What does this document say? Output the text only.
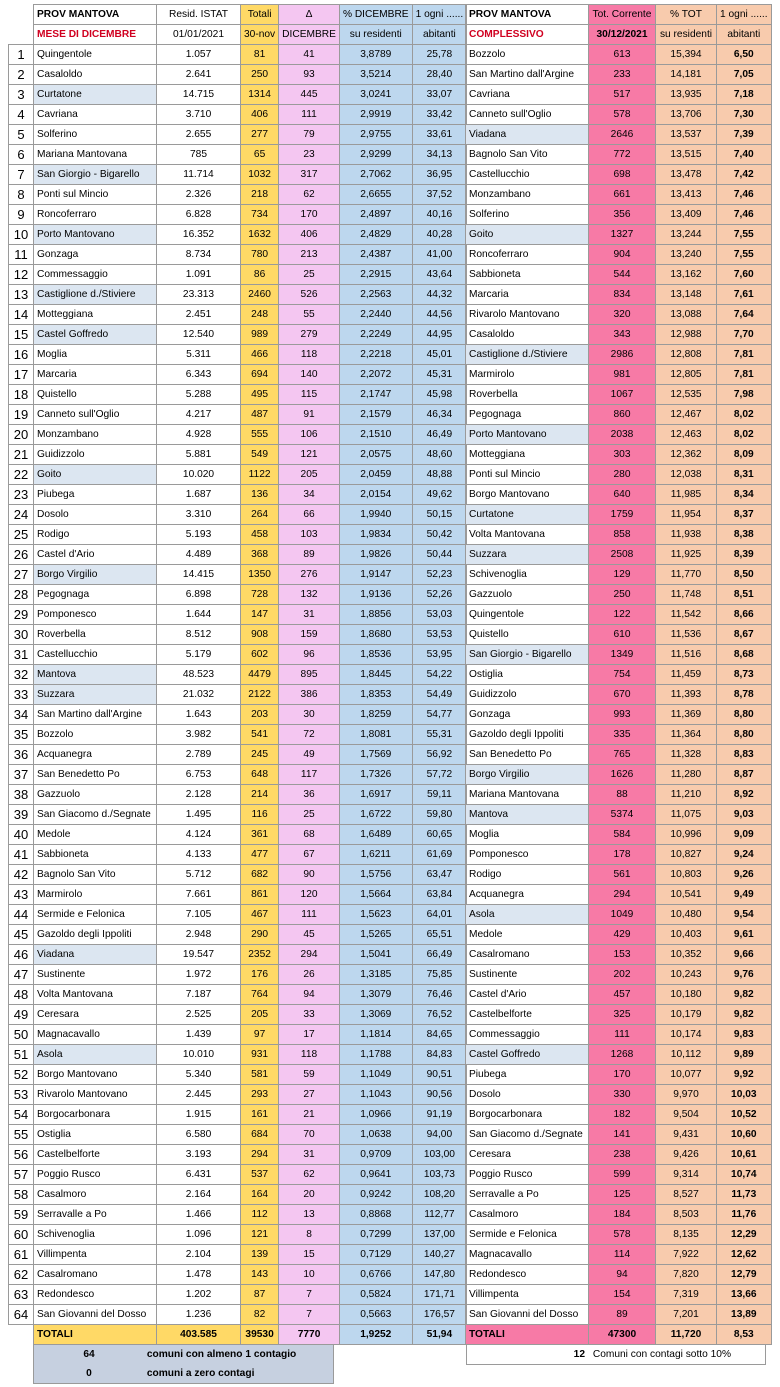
	PROV MANTOVA	Resid. ISTAT	Totali	Δ	% DICEMBRE	1 ogni ......
	MESE DI DICEMBRE	01/01/2021	30-nov	DICEMBRE	su residenti	abitanti
1	Quingentole	1.057	81	41	3,8789	25,78
2	Casaloldo	2.641	250	93	3,5214	28,40
3	Curtatone	14.715	1314	445	3,0241	33,07
4	Cavriana	3.710	406	111	2,9919	33,42
5	Solferino	2.655	277	79	2,9755	33,61
6	Mariana Mantovana	785	65	23	2,9299	34,13
7	San Giorgio - Bigarello	11.714	1032	317	2,7062	36,95
8	Ponti sul Mincio	2.326	218	62	2,6655	37,52
9	Roncoferraro	6.828	734	170	2,4897	40,16
10	Porto Mantovano	16.352	1632	406	2,4829	40,28
11	Gonzaga	8.734	780	213	2,4387	41,00
12	Commessaggio	1.091	86	25	2,2915	43,64
13	Castiglione d./Stiviere	23.313	2460	526	2,2563	44,32
14	Motteggiana	2.451	248	55	2,2440	44,56
15	Castel Goffredo	12.540	989	279	2,2249	44,95
16	Moglia	5.311	466	118	2,2218	45,01
17	Marcaria	6.343	694	140	2,2072	45,31
18	Quistello	5.288	495	115	2,1747	45,98
19	Canneto sull'Oglio	4.217	487	91	2,1579	46,34
20	Monzambano	4.928	555	106	2,1510	46,49
21	Guidizzolo	5.881	549	121	2,0575	48,60
22	Goito	10.020	1122	205	2,0459	48,88
23	Piubega	1.687	136	34	2,0154	49,62
24	Dosolo	3.310	264	66	1,9940	50,15
25	Rodigo	5.193	458	103	1,9834	50,42
26	Castel d'Ario	4.489	368	89	1,9826	50,44
27	Borgo Virgilio	14.415	1350	276	1,9147	52,23
28	Pegognaga	6.898	728	132	1,9136	52,26
29	Pomponesco	1.644	147	31	1,8856	53,03
30	Roverbella	8.512	908	159	1,8680	53,53
31	Castellucchio	5.179	602	96	1,8536	53,95
32	Mantova	48.523	4479	895	1,8445	54,22
33	Suzzara	21.032	2122	386	1,8353	54,49
34	San Martino dall'Argine	1.643	203	30	1,8259	54,77
35	Bozzolo	3.982	541	72	1,8081	55,31
36	Acquanegra	2.789	245	49	1,7569	56,92
37	San Benedetto Po	6.753	648	117	1,7326	57,72
38	Gazzuolo	2.128	214	36	1,6917	59,11
39	San Giacomo d./Segnate	1.495	116	25	1,6722	59,80
40	Medole	4.124	361	68	1,6489	60,65
41	Sabbioneta	4.133	477	67	1,6211	61,69
42	Bagnolo San Vito	5.712	682	90	1,5756	63,47
43	Marmirolo	7.661	861	120	1,5664	63,84
44	Sermide e Felonica	7.105	467	111	1,5623	64,01
45	Gazoldo degli Ippoliti	2.948	290	45	1,5265	65,51
46	Viadana	19.547	2352	294	1,5041	66,49
47	Sustinente	1.972	176	26	1,3185	75,85
48	Volta Mantovana	7.187	764	94	1,3079	76,46
49	Ceresara	2.525	205	33	1,3069	76,52
50	Magnacavallo	1.439	97	17	1,1814	84,65
51	Asola	10.010	931	118	1,1788	84,83
52	Borgo Mantovano	5.340	581	59	1,1049	90,51
53	Rivarolo Mantovano	2.445	293	27	1,1043	90,56
54	Borgocarbonara	1.915	161	21	1,0966	91,19
55	Ostiglia	6.580	684	70	1,0638	94,00
56	Castelbelforte	3.193	294	31	0,9709	103,00
57	Poggio Rusco	6.431	537	62	0,9641	103,73
58	Casalmoro	2.164	164	20	0,9242	108,20
59	Serravalle a Po	1.466	112	13	0,8868	112,77
60	Schivenoglia	1.096	121	8	0,7299	137,00
61	Villimpenta	2.104	139	15	0,7129	140,27
62	Casalromano	1.478	143	10	0,6766	147,80
63	Redondesco	1.202	87	7	0,5824	171,71
64	San Giovanni del Dosso	1.236	82	7	0,5663	176,57
	TOTALI	403.585	39530	7770	1,9252	51,94
PROV MANTOVA	Tot. Corrente	% TOT	1 ogni ......
COMPLESSIVO	30/12/2021	su residenti	abitanti
Bozzolo	613	15,394	6,50
San Martino dall'Argine	233	14,181	7,05
Cavriana	517	13,935	7,18
Canneto sull'Oglio	578	13,706	7,30
Viadana	2646	13,537	7,39
Bagnolo San Vito	772	13,515	7,40
Castellucchio	698	13,478	7,42
Monzambano	661	13,413	7,46
Solferino	356	13,409	7,46
Goito	1327	13,244	7,55
Roncoferraro	904	13,240	7,55
Sabbioneta	544	13,162	7,60
Marcaria	834	13,148	7,61
Rivarolo Mantovano	320	13,088	7,64
Casaloldo	343	12,988	7,70
Castiglione d./Stiviere	2986	12,808	7,81
Marmirolo	981	12,805	7,81
Roverbella	1067	12,535	7,98
Pegognaga	860	12,467	8,02
Porto Mantovano	2038	12,463	8,02
Motteggiana	303	12,362	8,09
Ponti sul Mincio	280	12,038	8,31
Borgo Mantovano	640	11,985	8,34
Curtatone	1759	11,954	8,37
Volta Mantovana	858	11,938	8,38
Suzzara	2508	11,925	8,39
Schivenoglia	129	11,770	8,50
Gazzuolo	250	11,748	8,51
Quingentole	122	11,542	8,66
Quistello	610	11,536	8,67
San Giorgio - Bigarello	1349	11,516	8,68
Ostiglia	754	11,459	8,73
Guidizzolo	670	11,393	8,78
Gonzaga	993	11,369	8,80
Gazoldo degli Ippoliti	335	11,364	8,80
San Benedetto Po	765	11,328	8,83
Borgo Virgilio	1626	11,280	8,87
Mariana Mantovana	88	11,210	8,92
Mantova	5374	11,075	9,03
Moglia	584	10,996	9,09
Pomponesco	178	10,827	9,24
Rodigo	561	10,803	9,26
Acquanegra	294	10,541	9,49
Asola	1049	10,480	9,54
Medole	429	10,403	9,61
Casalromano	153	10,352	9,66
Sustinente	202	10,243	9,76
Castel d'Ario	457	10,180	9,82
Castelbelforte	325	10,179	9,82
Commessaggio	111	10,174	9,83
Castel Goffredo	1268	10,112	9,89
Piubega	170	10,077	9,92
Dosolo	330	9,970	10,03
Borgocarbonara	182	9,504	10,52
San Giacomo d./Segnate	141	9,431	10,60
Ceresara	238	9,426	10,61
Poggio Rusco	599	9,314	10,74
Serravalle a Po	125	8,527	11,73
Casalmoro	184	8,503	11,76
Sermide e Felonica	578	8,135	12,29
Magnacavallo	114	7,922	12,62
Redondesco	94	7,820	12,79
Villimpenta	154	7,319	13,66
San Giovanni del Dosso	89	7,201	13,89
TOTALI	47300	11,720	8,53
64	comuni con almeno 1 contagio
0	comuni a zero contagi
12 Comuni con contagi sotto 10%
